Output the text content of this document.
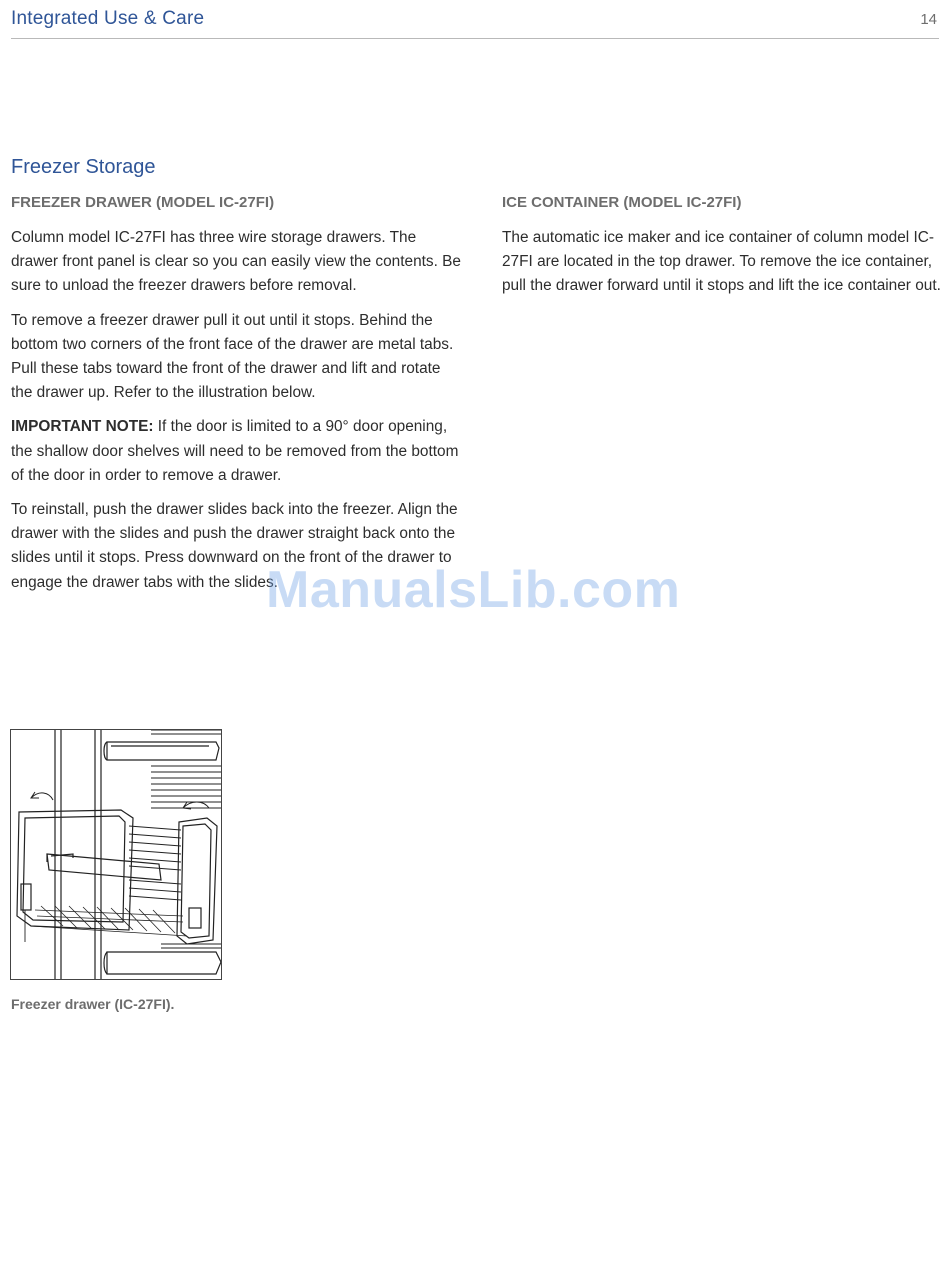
Integrated Use & Care	14
Freezer Storage
FREEZER DRAWER (MODEL IC-27FI)

Column model IC-27FI has three wire storage drawers. The drawer front panel is clear so you can easily view the contents. Be sure to unload the freezer drawers before removal.

To remove a freezer drawer pull it out until it stops. Behind the bottom two corners of the front face of the drawer are metal tabs. Pull these tabs toward the front of the drawer and lift and rotate the drawer up. Refer to the illustration below.

IMPORTANT NOTE: If the door is limited to a 90° door opening, the shallow door shelves will need to be removed from the bottom of the door in order to remove a drawer.

To reinstall, push the drawer slides back into the freezer. Align the drawer with the slides and push the drawer straight back onto the slides until it stops. Press downward on the front of the drawer to engage the drawer tabs with the slides.

ICE CONTAINER (MODEL IC-27FI)

The automatic ice maker and ice container of column model IC-27FI are located in the top drawer. To remove the ice container, pull the drawer forward until it stops and lift the ice container out.

Freezer drawer (IC-27FI).
ManualsLib.com
